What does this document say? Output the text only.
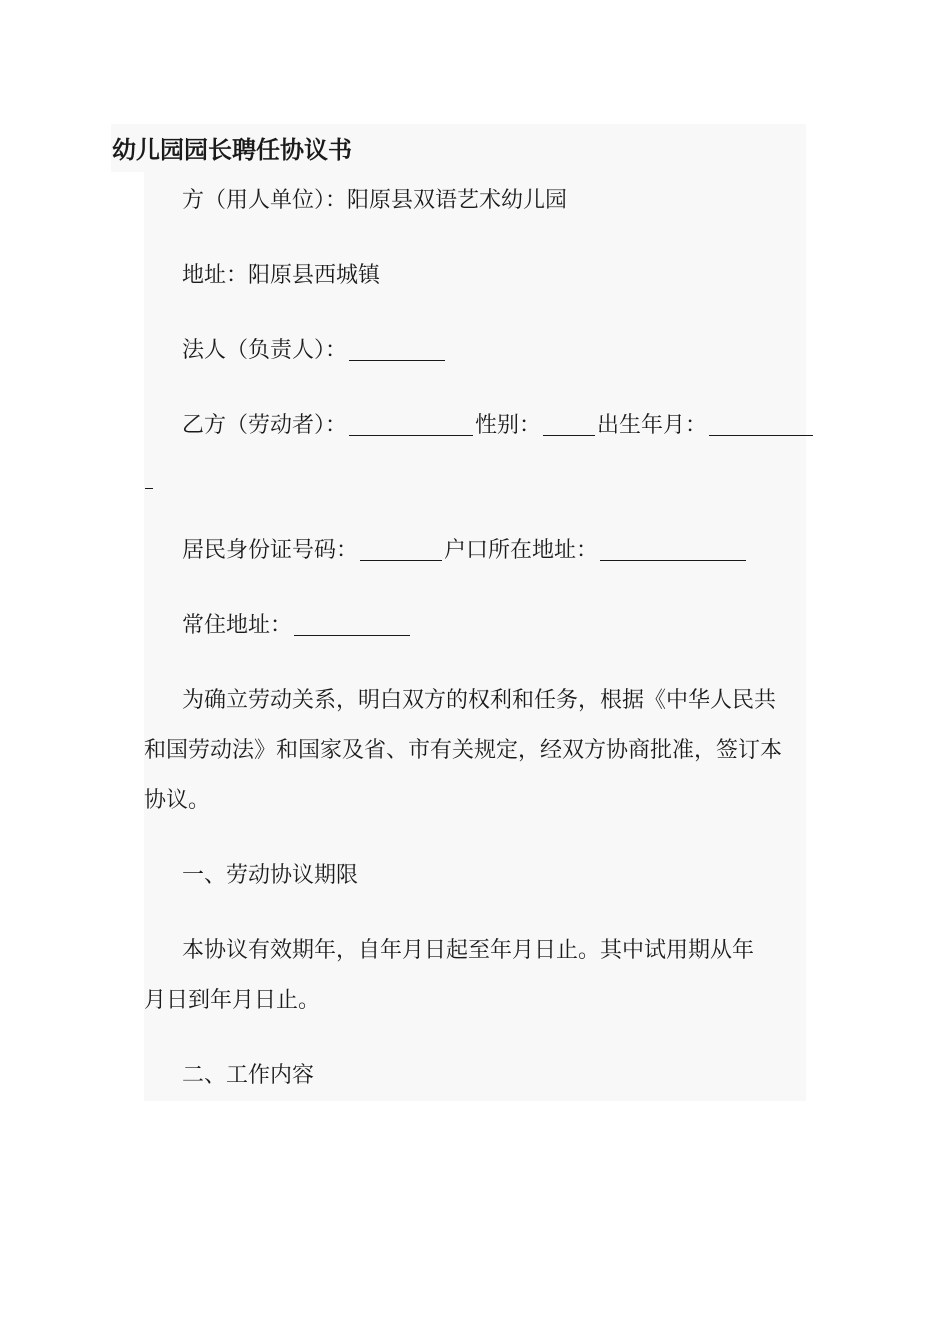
幼儿园园长聘任协议书
方（用人单位）：阳原县双语艺术幼儿园
地址：阳原县西城镇
法人（负责人）：
乙方（劳动者）：	性别：	出生年月：
居民身份证号码：	户口所在地址：
常住地址：
为确立劳动关系，明白双方的权利和任务，根据《中华人民共
和国劳动法》和国家及省、市有关规定，经双方协商批准，签订本
协议。
一、劳动协议期限
本协议有效期年，自年月日起至年月日止。其中试用期从年
月日到年月日止。
二、工作内容
